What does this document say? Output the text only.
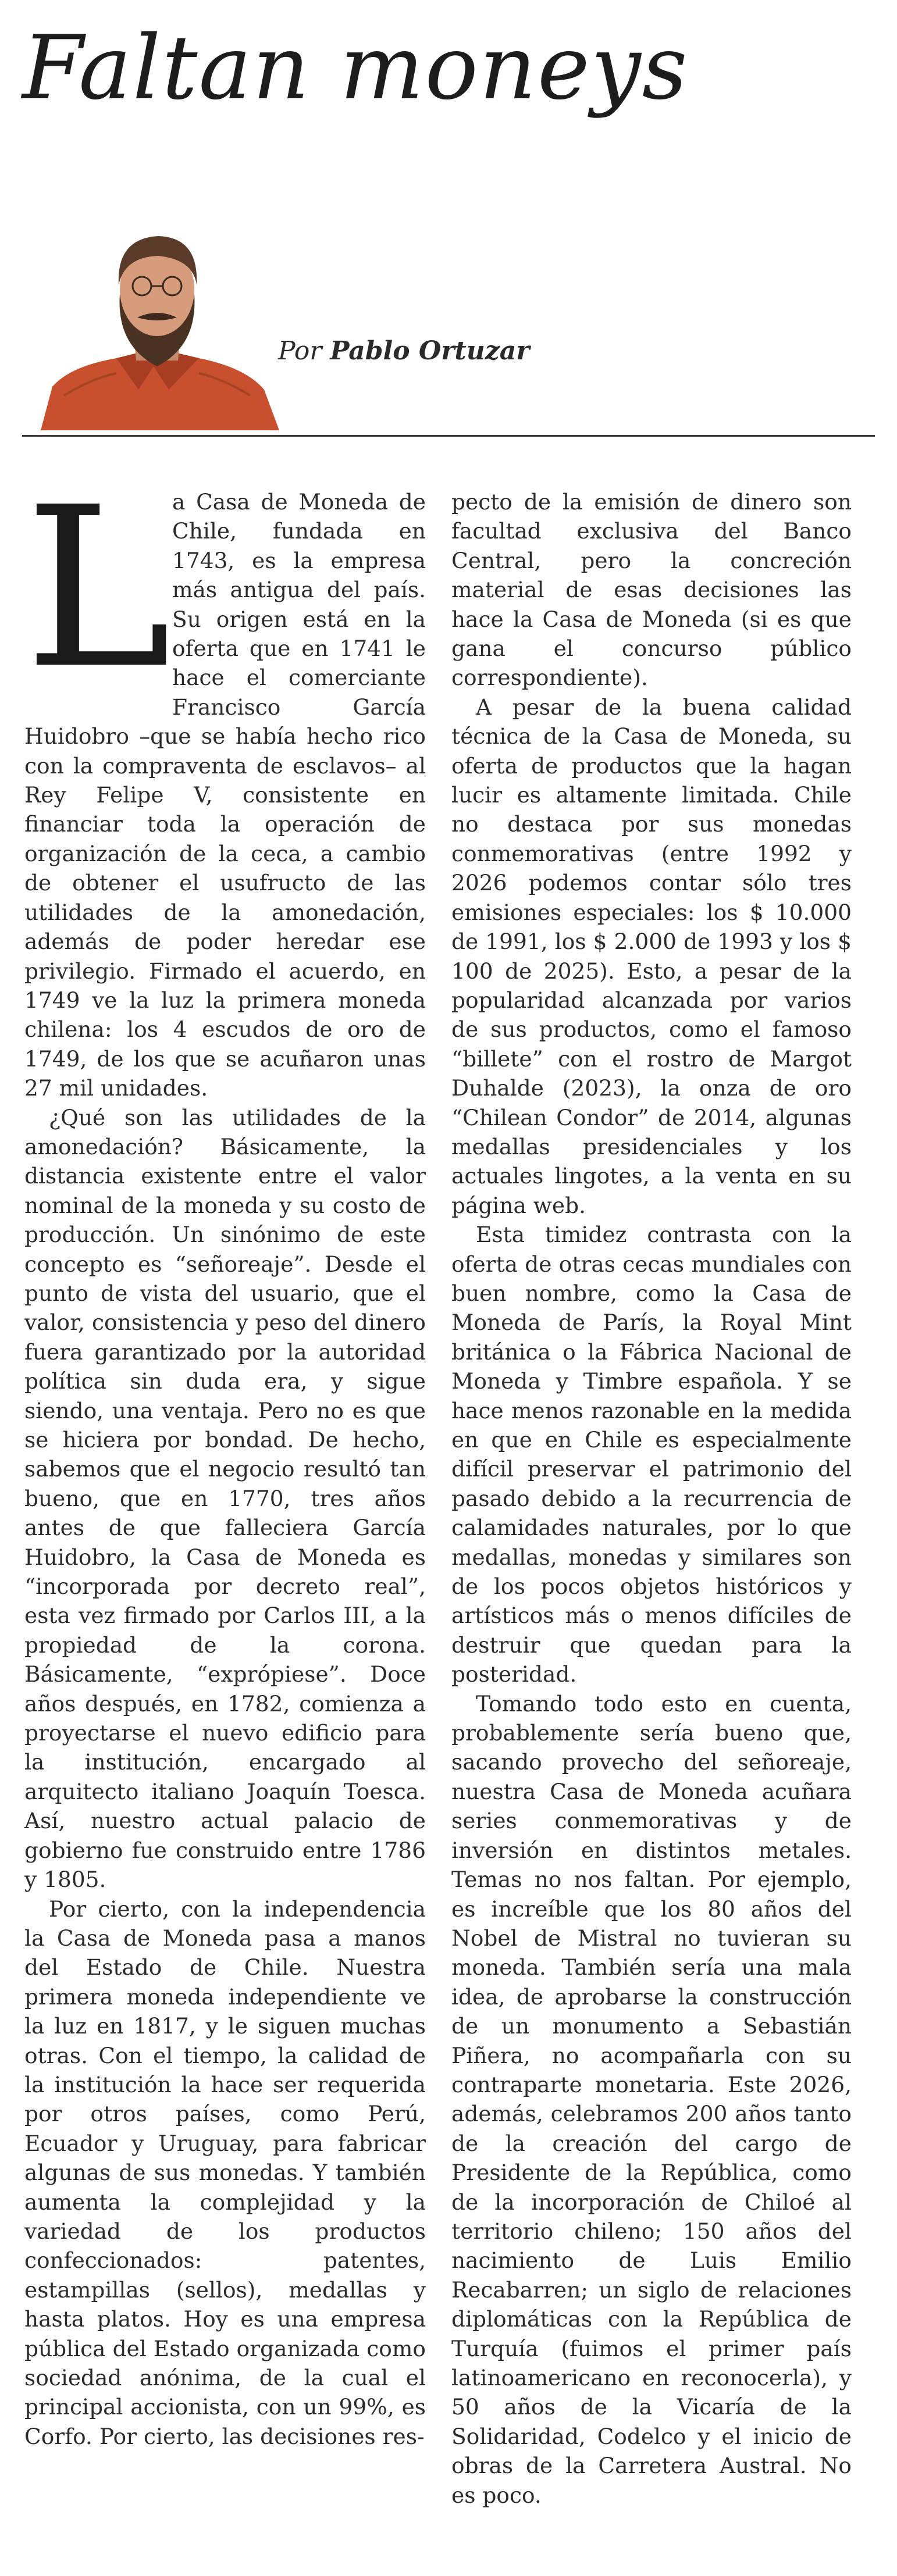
Faltan moneys
Por Pablo Ortuzar
L a Casa de Moneda de Chile, fundada en 1743, es la empresa más antigua del país. Su origen está en la oferta que en 1741 le hace el comerciante Francisco García Huidobro –que se había hecho rico con la compraventa de esclavos– al Rey Felipe V, consistente en financiar toda la operación de organización de la ceca, a cambio de obtener el usufructo de las utilidades de la amonedación, además de poder heredar ese privilegio. Firmado el acuerdo, en 1749 ve la luz la primera moneda chilena: los 4 escudos de oro de 1749, de los que se acuñaron unas 27 mil unidades.

¿Qué son las utilidades de la amonedación? Básicamente, la distancia existente entre el valor nominal de la moneda y su costo de producción. Un sinónimo de este concepto es “señoreaje”. Desde el punto de vista del usuario, que el valor, consistencia y peso del dinero fuera garantizado por la autoridad política sin duda era, y sigue siendo, una ventaja. Pero no es que se hiciera por bondad. De hecho, sabemos que el negocio resultó tan bueno, que en 1770, tres años antes de que falleciera García Huidobro, la Casa de Moneda es “incorporada por decreto real”, esta vez firmado por Carlos III, a la propiedad de la corona. Básicamente, “exprópiese”. Doce años después, en 1782, comienza a proyectarse el nuevo edificio para la institución, encargado al arquitecto italiano Joaquín Toesca. Así, nuestro actual palacio de gobierno fue construido entre 1786 y 1805.

Por cierto, con la independencia la Casa de Moneda pasa a manos del Estado de Chile. Nuestra primera moneda independiente ve la luz en 1817, y le siguen muchas otras. Con el tiempo, la calidad de la institución la hace ser requerida por otros países, como Perú, Ecuador y Uruguay, para fabricar algunas de sus monedas. Y también aumenta la complejidad y la variedad de los productos confeccionados: patentes, estampillas (sellos), medallas y hasta platos. Hoy es una empresa pública del Estado organizada como sociedad anónima, de la cual el principal accionista, con un 99%, es Corfo. Por cierto, las decisiones res-

pecto de la emisión de dinero son facultad exclusiva del Banco Central, pero la concreción material de esas decisiones las hace la Casa de Moneda (si es que gana el concurso público correspondiente).

A pesar de la buena calidad técnica de la Casa de Moneda, su oferta de productos que la hagan lucir es altamente limitada. Chile no destaca por sus monedas conmemorativas (entre 1992 y 2026 podemos contar sólo tres emisiones especiales: los $ 10.000 de 1991, los $ 2.000 de 1993 y los $ 100 de 2025). Esto, a pesar de la popularidad alcanzada por varios de sus productos, como el famoso “billete” con el rostro de Margot Duhalde (2023), la onza de oro “Chilean Condor” de 2014, algunas medallas presidenciales y los actuales lingotes, a la venta en su página web.

Esta timidez contrasta con la oferta de otras cecas mundiales con buen nombre, como la Casa de Moneda de París, la Royal Mint británica o la Fábrica Nacional de Moneda y Timbre española. Y se hace menos razonable en la medida en que en Chile es especialmente difícil preservar el patrimonio del pasado debido a la recurrencia de calamidades naturales, por lo que medallas, monedas y similares son de los pocos objetos históricos y artísticos más o menos difíciles de destruir que quedan para la posteridad.

Tomando todo esto en cuenta, probablemente sería bueno que, sacando provecho del señoreaje, nuestra Casa de Moneda acuñara series conmemorativas y de inversión en distintos metales. Temas no nos faltan. Por ejemplo, es increíble que los 80 años del Nobel de Mistral no tuvieran su moneda. También sería una mala idea, de aprobarse la construcción de un monumento a Sebastián Piñera, no acompañarla con su contraparte monetaria. Este 2026, además, celebramos 200 años tanto de la creación del cargo de Presidente de la República, como de la incorporación de Chiloé al territorio chileno; 150 años del nacimiento de Luis Emilio Recabarren; un siglo de relaciones diplomáticas con la República de Turquía (fuimos el primer país latinoamericano en reconocerla), y 50 años de la Vicaría de la Solidaridad, Codelco y el inicio de obras de la Carretera Austral. No es poco.
